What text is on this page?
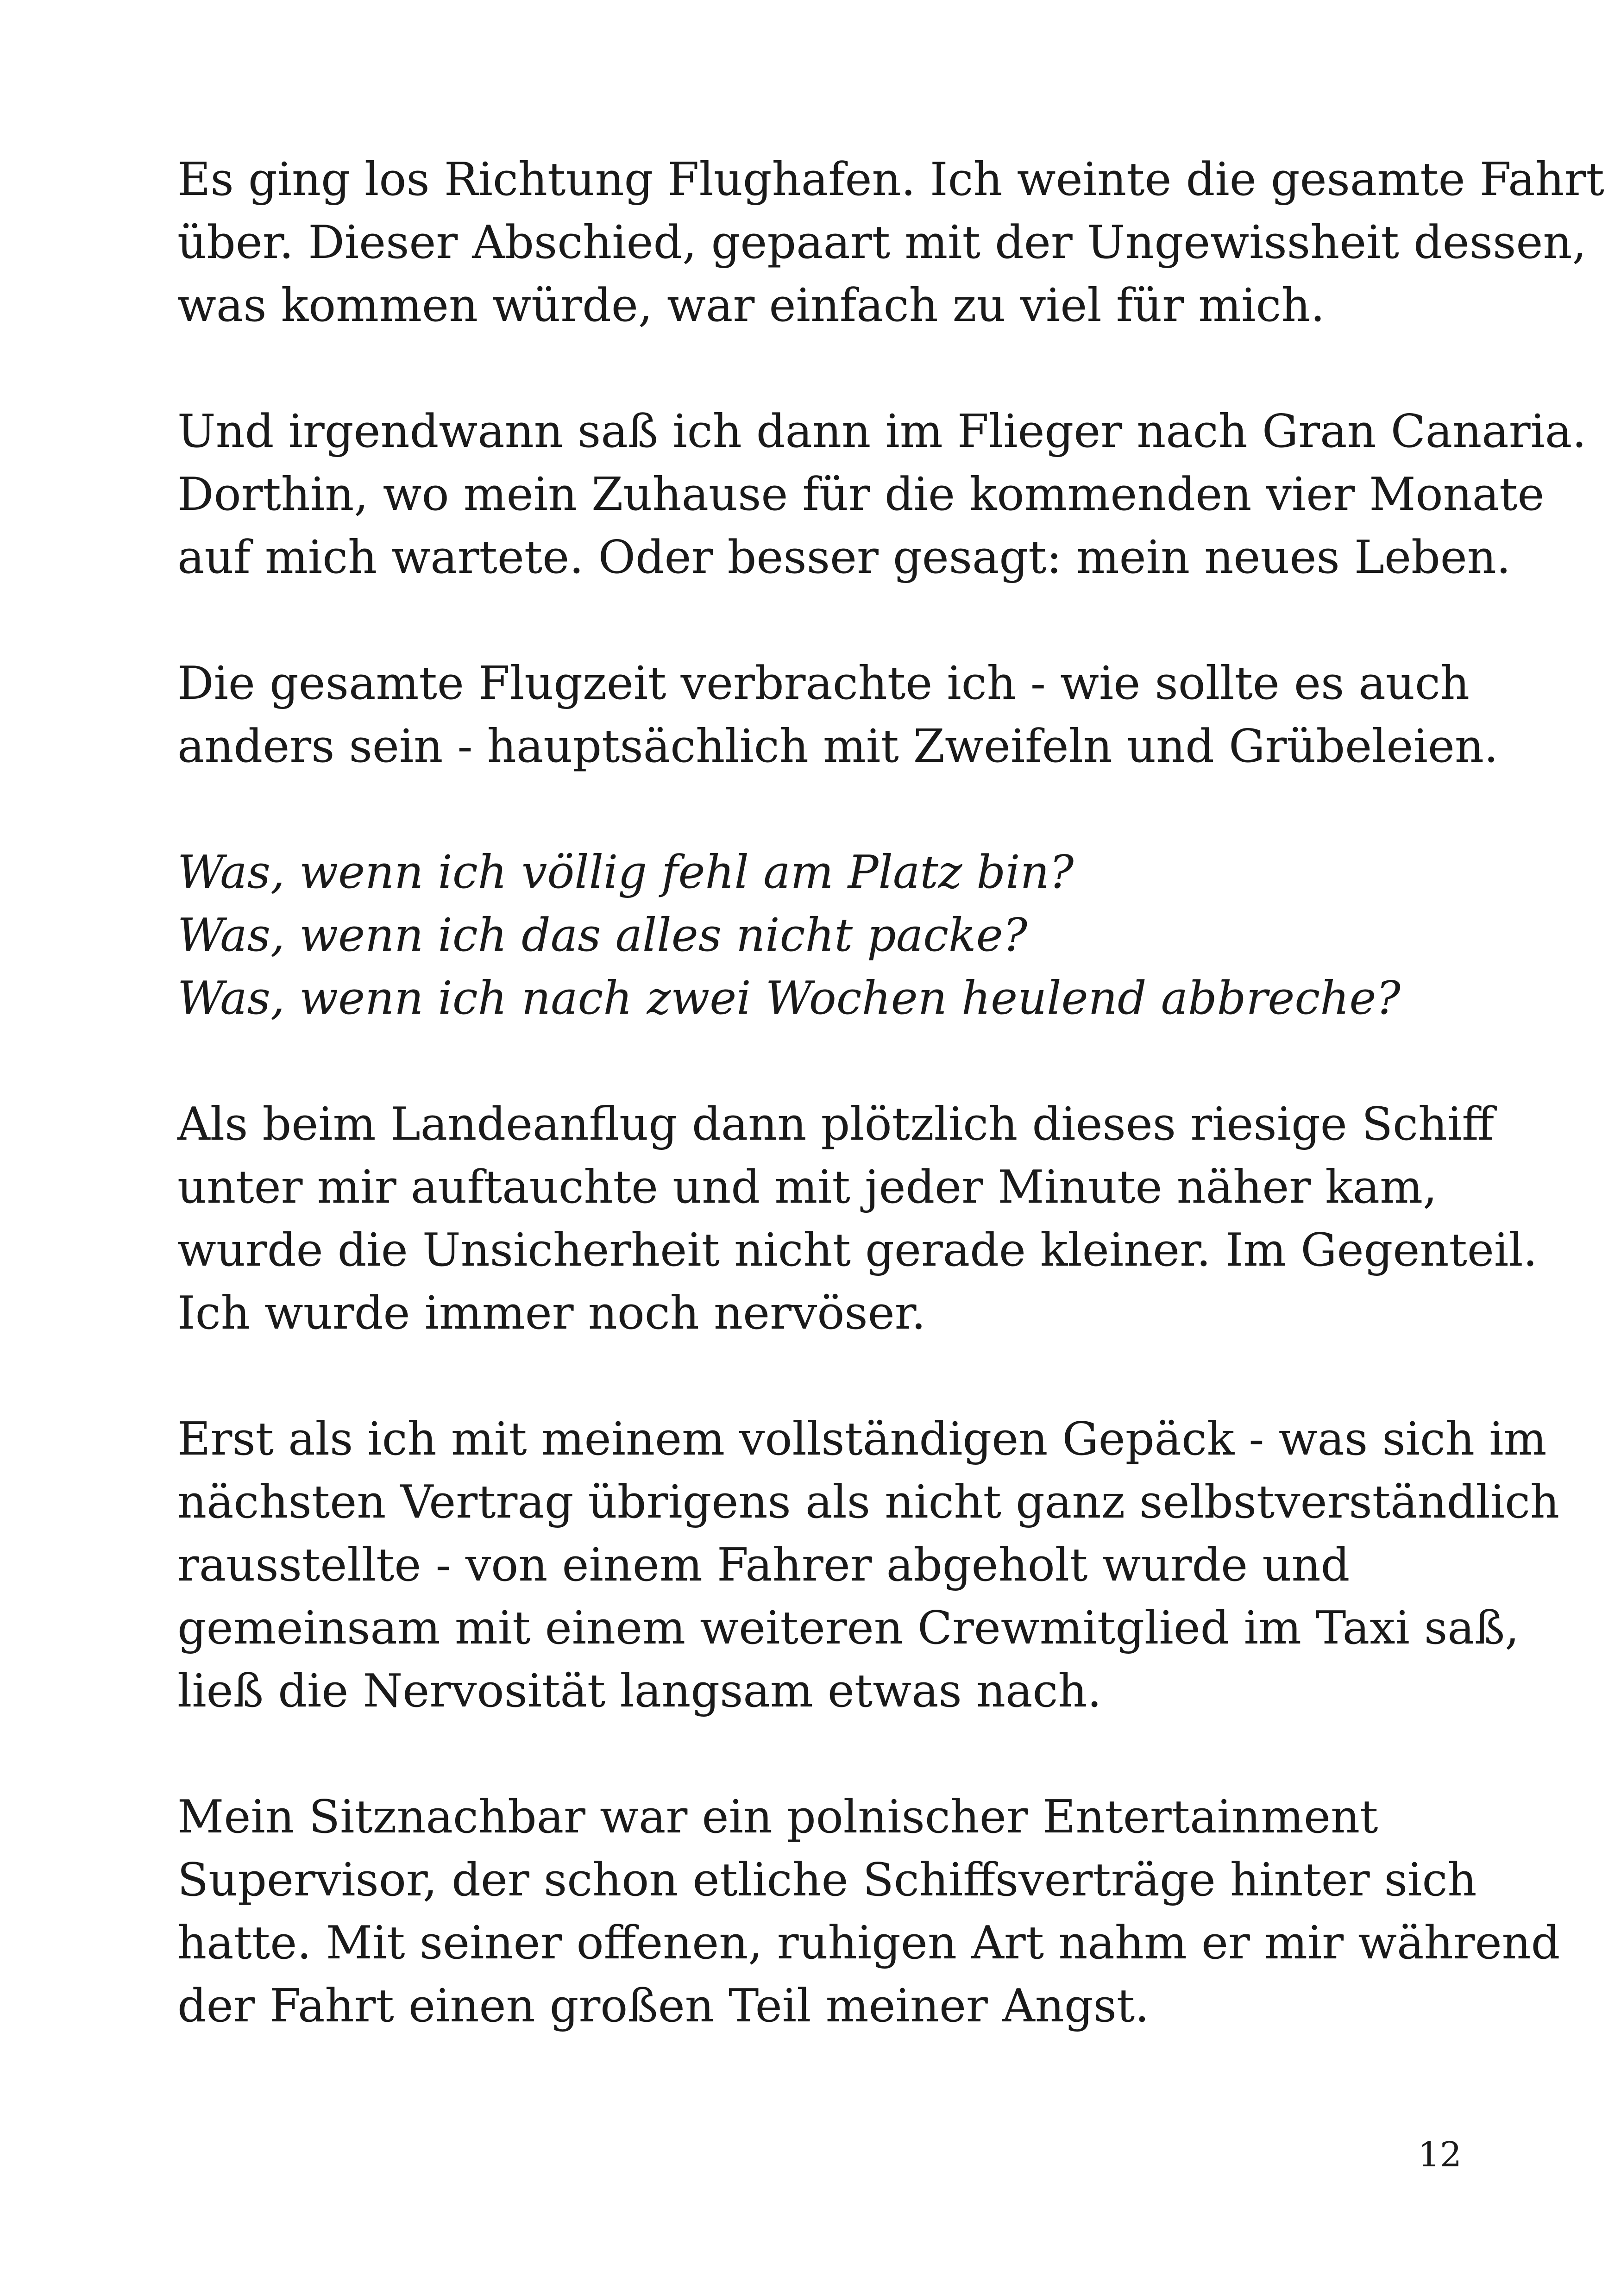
Es ging los Richtung Flughafen. Ich weinte die gesamte Fahrt
über. Dieser Abschied, gepaart mit der Ungewissheit dessen,
was kommen würde, war einfach zu viel für mich.

Und irgendwann saß ich dann im Flieger nach Gran Canaria.
Dorthin, wo mein Zuhause für die kommenden vier Monate
auf mich wartete. Oder besser gesagt: mein neues Leben.

Die gesamte Flugzeit verbrachte ich - wie sollte es auch
anders sein - hauptsächlich mit Zweifeln und Grübeleien.

Was, wenn ich völlig fehl am Platz bin?
Was, wenn ich das alles nicht packe?
Was, wenn ich nach zwei Wochen heulend abbreche?

Als beim Landeanflug dann plötzlich dieses riesige Schiff
unter mir auftauchte und mit jeder Minute näher kam,
wurde die Unsicherheit nicht gerade kleiner. Im Gegenteil.
Ich wurde immer noch nervöser.

Erst als ich mit meinem vollständigen Gepäck - was sich im
nächsten Vertrag übrigens als nicht ganz selbstverständlich
rausstellte - von einem Fahrer abgeholt wurde und
gemeinsam mit einem weiteren Crewmitglied im Taxi saß,
ließ die Nervosität langsam etwas nach.

Mein Sitznachbar war ein polnischer Entertainment
Supervisor, der schon etliche Schiffsverträge hinter sich
hatte. Mit seiner offenen, ruhigen Art nahm er mir während
der Fahrt einen großen Teil meiner Angst.

12
